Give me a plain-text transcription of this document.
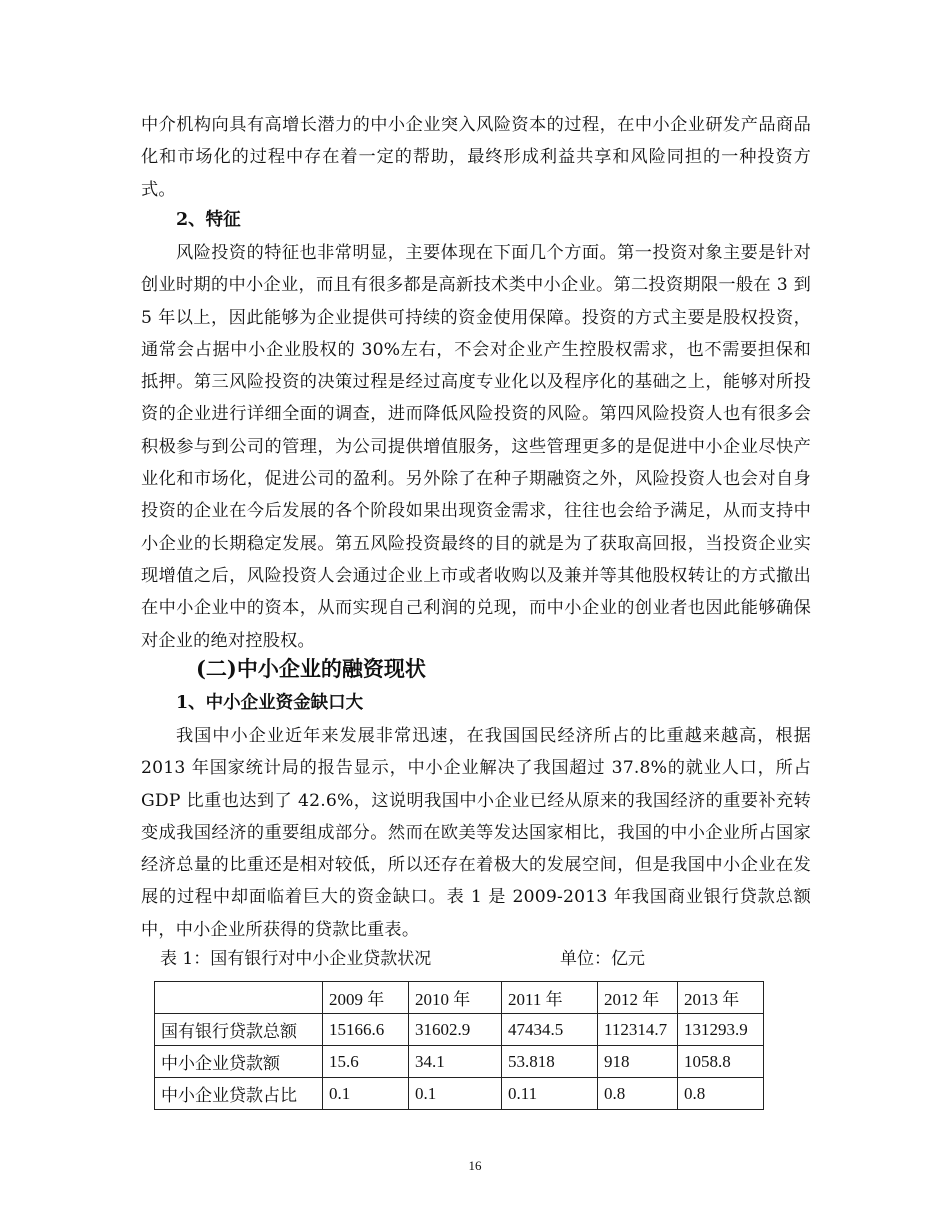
中介机构向具有高增长潜力的中小企业突入风险资本的过程，在中小企业研发产品商品化和市场化的过程中存在着一定的帮助，最终形成利益共享和风险同担的一种投资方式。

2、特征

风险投资的特征也非常明显，主要体现在下面几个方面。第一投资对象主要是针对创业时期的中小企业，而且有很多都是高新技术类中小企业。第二投资期限一般在 3 到 5 年以上，因此能够为企业提供可持续的资金使用保障。投资的方式主要是股权投资，通常会占据中小企业股权的 30%左右，不会对企业产生控股权需求，也不需要担保和抵押。第三风险投资的决策过程是经过高度专业化以及程序化的基础之上，能够对所投资的企业进行详细全面的调查，进而降低风险投资的风险。第四风险投资人也有很多会积极参与到公司的管理，为公司提供增值服务，这些管理更多的是促进中小企业尽快产业化和市场化，促进公司的盈利。另外除了在种子期融资之外，风险投资人也会对自身投资的企业在今后发展的各个阶段如果出现资金需求，往往也会给予满足，从而支持中小企业的长期稳定发展。第五风险投资最终的目的就是为了获取高回报，当投资企业实现增值之后，风险投资人会通过企业上市或者收购以及兼并等其他股权转让的方式撤出在中小企业中的资本，从而实现自己利润的兑现，而中小企业的创业者也因此能够确保对企业的绝对控股权。

(二)中小企业的融资现状
1、中小企业资金缺口大

我国中小企业近年来发展非常迅速，在我国国民经济所占的比重越来越高，根据 2013 年国家统计局的报告显示，中小企业解决了我国超过 37.8%的就业人口，所占 GDP 比重也达到了 42.6%，这说明我国中小企业已经从原来的我国经济的重要补充转变成我国经济的重要组成部分。然而在欧美等发达国家相比，我国的中小企业所占国家经济总量的比重还是相对较低，所以还存在着极大的发展空间，但是我国中小企业在发展的过程中却面临着巨大的资金缺口。表 1 是 2009-2013 年我国商业银行贷款总额中，中小企业所获得的贷款比重表。

表 1：国有银行对中小企业贷款状况	单位：亿元
	2009 年	2010 年	2011 年	2012 年	2013 年
国有银行贷款总额	15166.6	31602.9	47434.5	112314.7	131293.9
中小企业贷款额	15.6	34.1	53.818	918	1058.8
中小企业贷款占比	0.1	0.1	0.11	0.8	0.8
16
